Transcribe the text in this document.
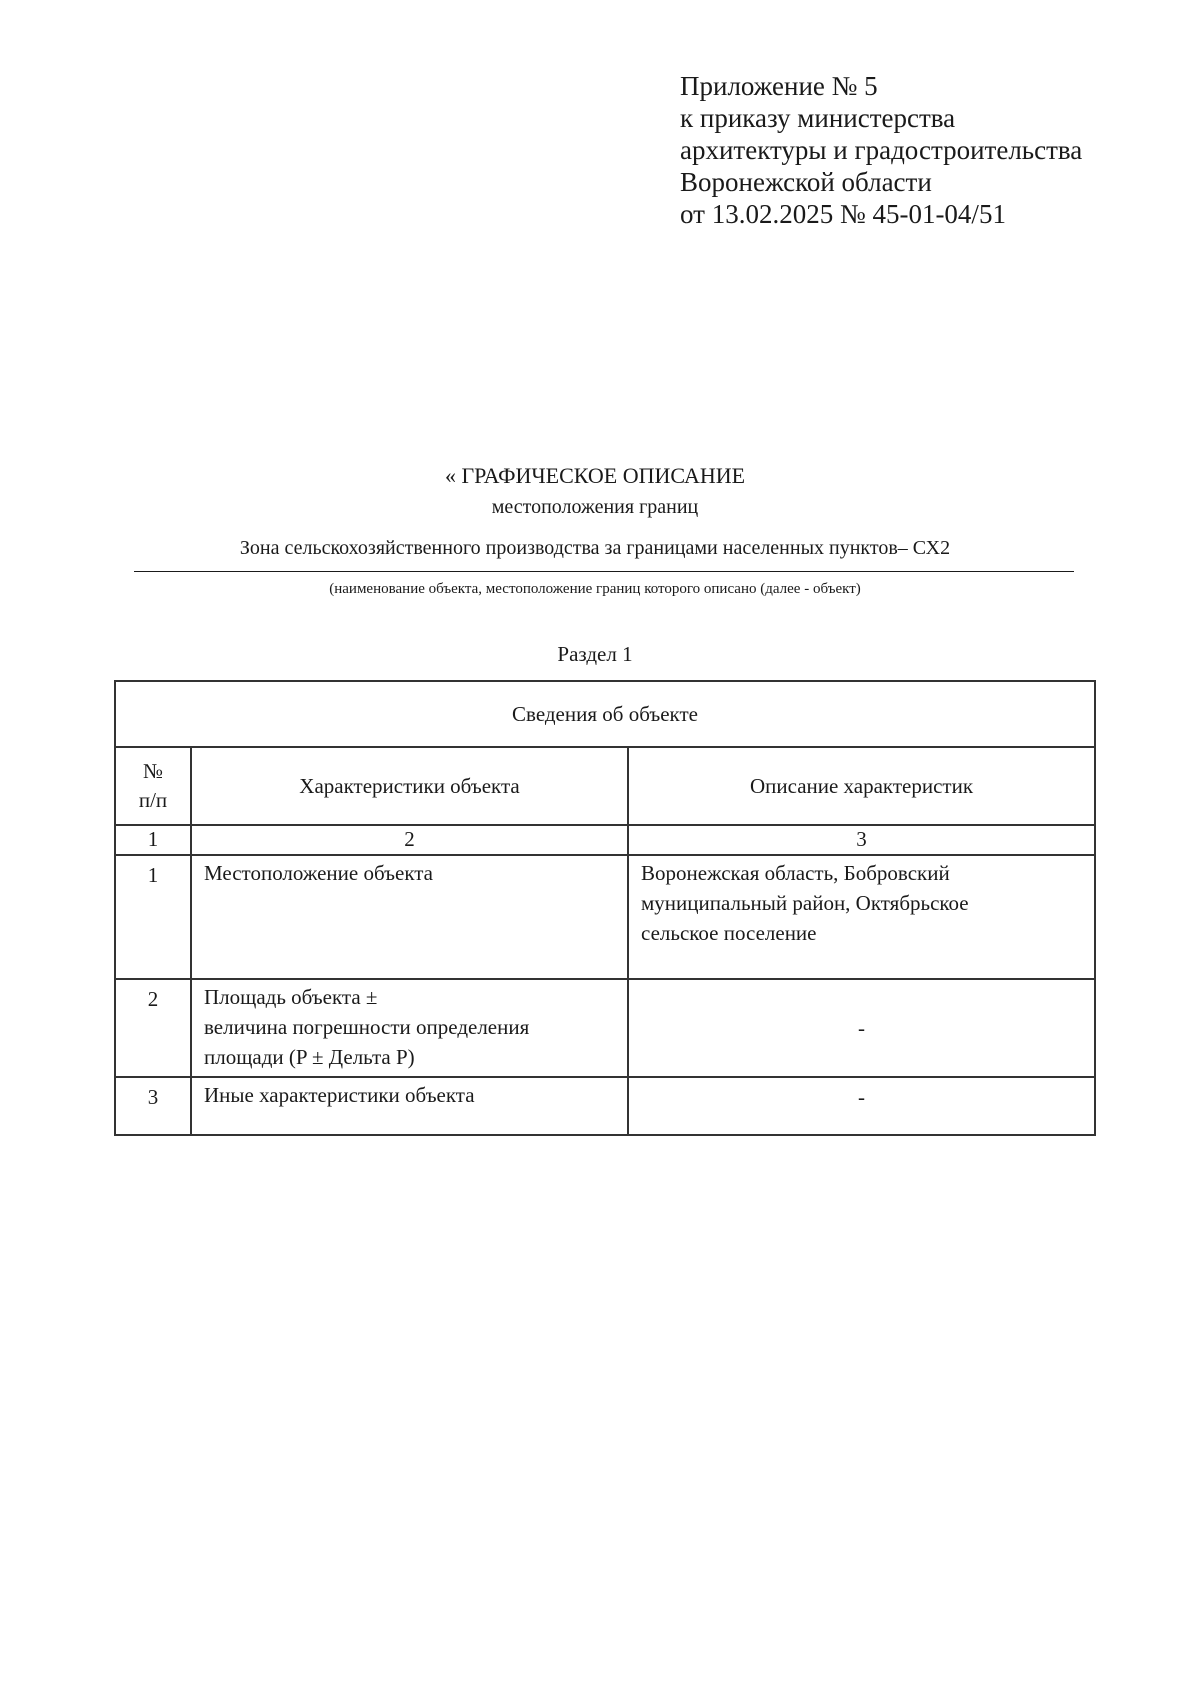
Приложение № 5
к приказу министерства
архитектуры и градостроительства
Воронежской области
от 13.02.2025 № 45-01-04/51
« ГРАФИЧЕСКОЕ ОПИСАНИЕ
местоположения границ
Зона сельскохозяйственного производства за границами населенных пунктов– СХ2
(наименование объекта, местоположение границ которого описано (далее - объект)
Раздел 1
Сведения об объекте		

№
п/п	Характеристики объекта	Описание характеристик
1	2	3
1	Местоположение объекта	Воронежская область, Бобровский
муниципальный район, Октябрьское
сельское поселение

2	Площадь объекта ±
величина погрешности определения
площади (P ± Дельта P)	-
3	Иные характеристики объекта	-
